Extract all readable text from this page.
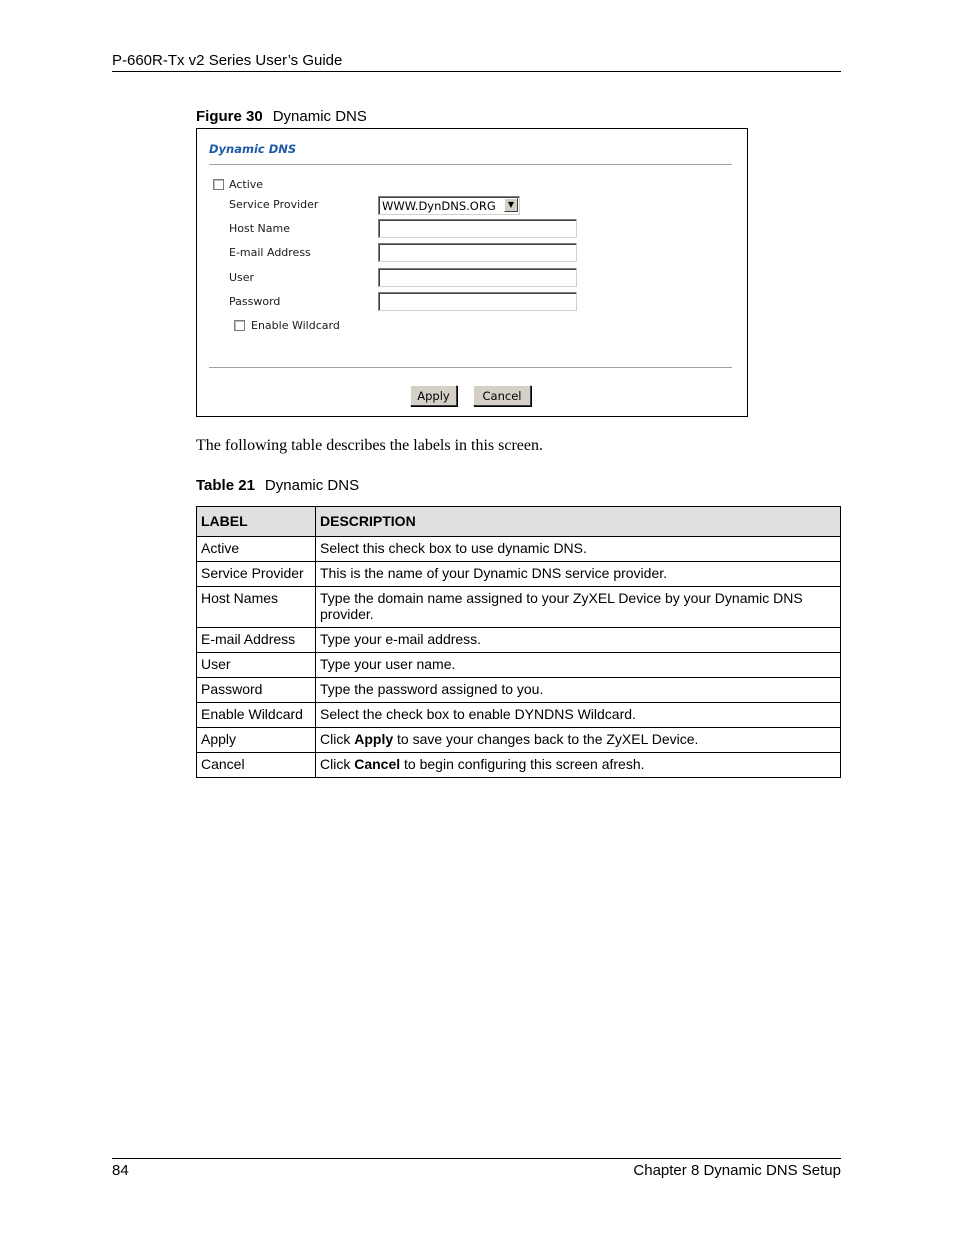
P-660R-Tx v2 Series User’s Guide
Figure 30 Dynamic DNS
Dynamic DNS
Active
Service Provider	WWW.DynDNS.ORG	▼
Host Name
E-mail Address
User
Password
Enable Wildcard
Apply	Cancel
The following table describes the labels in this screen.
Table 21 Dynamic DNS
LABEL	DESCRIPTION
Active	Select this check box to use dynamic DNS.
Service Provider	This is the name of your Dynamic DNS service provider.
Host Names	Type the domain name assigned to your ZyXEL Device by your Dynamic DNS provider.
E-mail Address	Type your e-mail address.
User	Type your user name.
Password	Type the password assigned to you.
Enable Wildcard	Select the check box to enable DYNDNS Wildcard.
Apply	Click Apply to save your changes back to the ZyXEL Device.
Cancel	Click Cancel to begin configuring this screen afresh.
84	Chapter 8 Dynamic DNS Setup
